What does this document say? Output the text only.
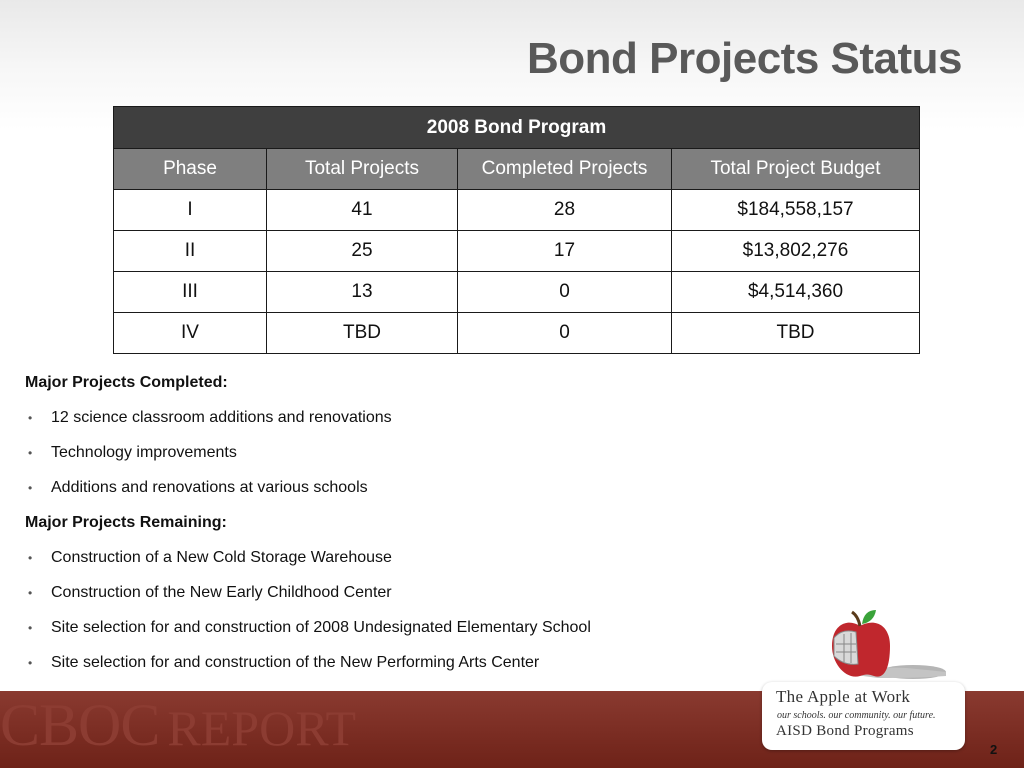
Bond Projects Status
2008 Bond Program			
Phase	Total Projects	Completed Projects	Total Project Budget
I	41	28	$184,558,157
II	25	17	$13,802,276
III	13	0	$4,514,360
IV	TBD	0	TBD
Major Projects Completed:
• 12 science classroom additions and renovations
• Technology improvements
• Additions and renovations at various schools
Major Projects Remaining:
• Construction of a New Cold Storage Warehouse
• Construction of the New Early Childhood Center
• Site selection for and construction of 2008 Undesignated Elementary School
• Site selection for and construction of the New Performing Arts Center
CBOC REPORT
The Apple at Work
our schools. our community. our future.
AISD Bond Programs
2
